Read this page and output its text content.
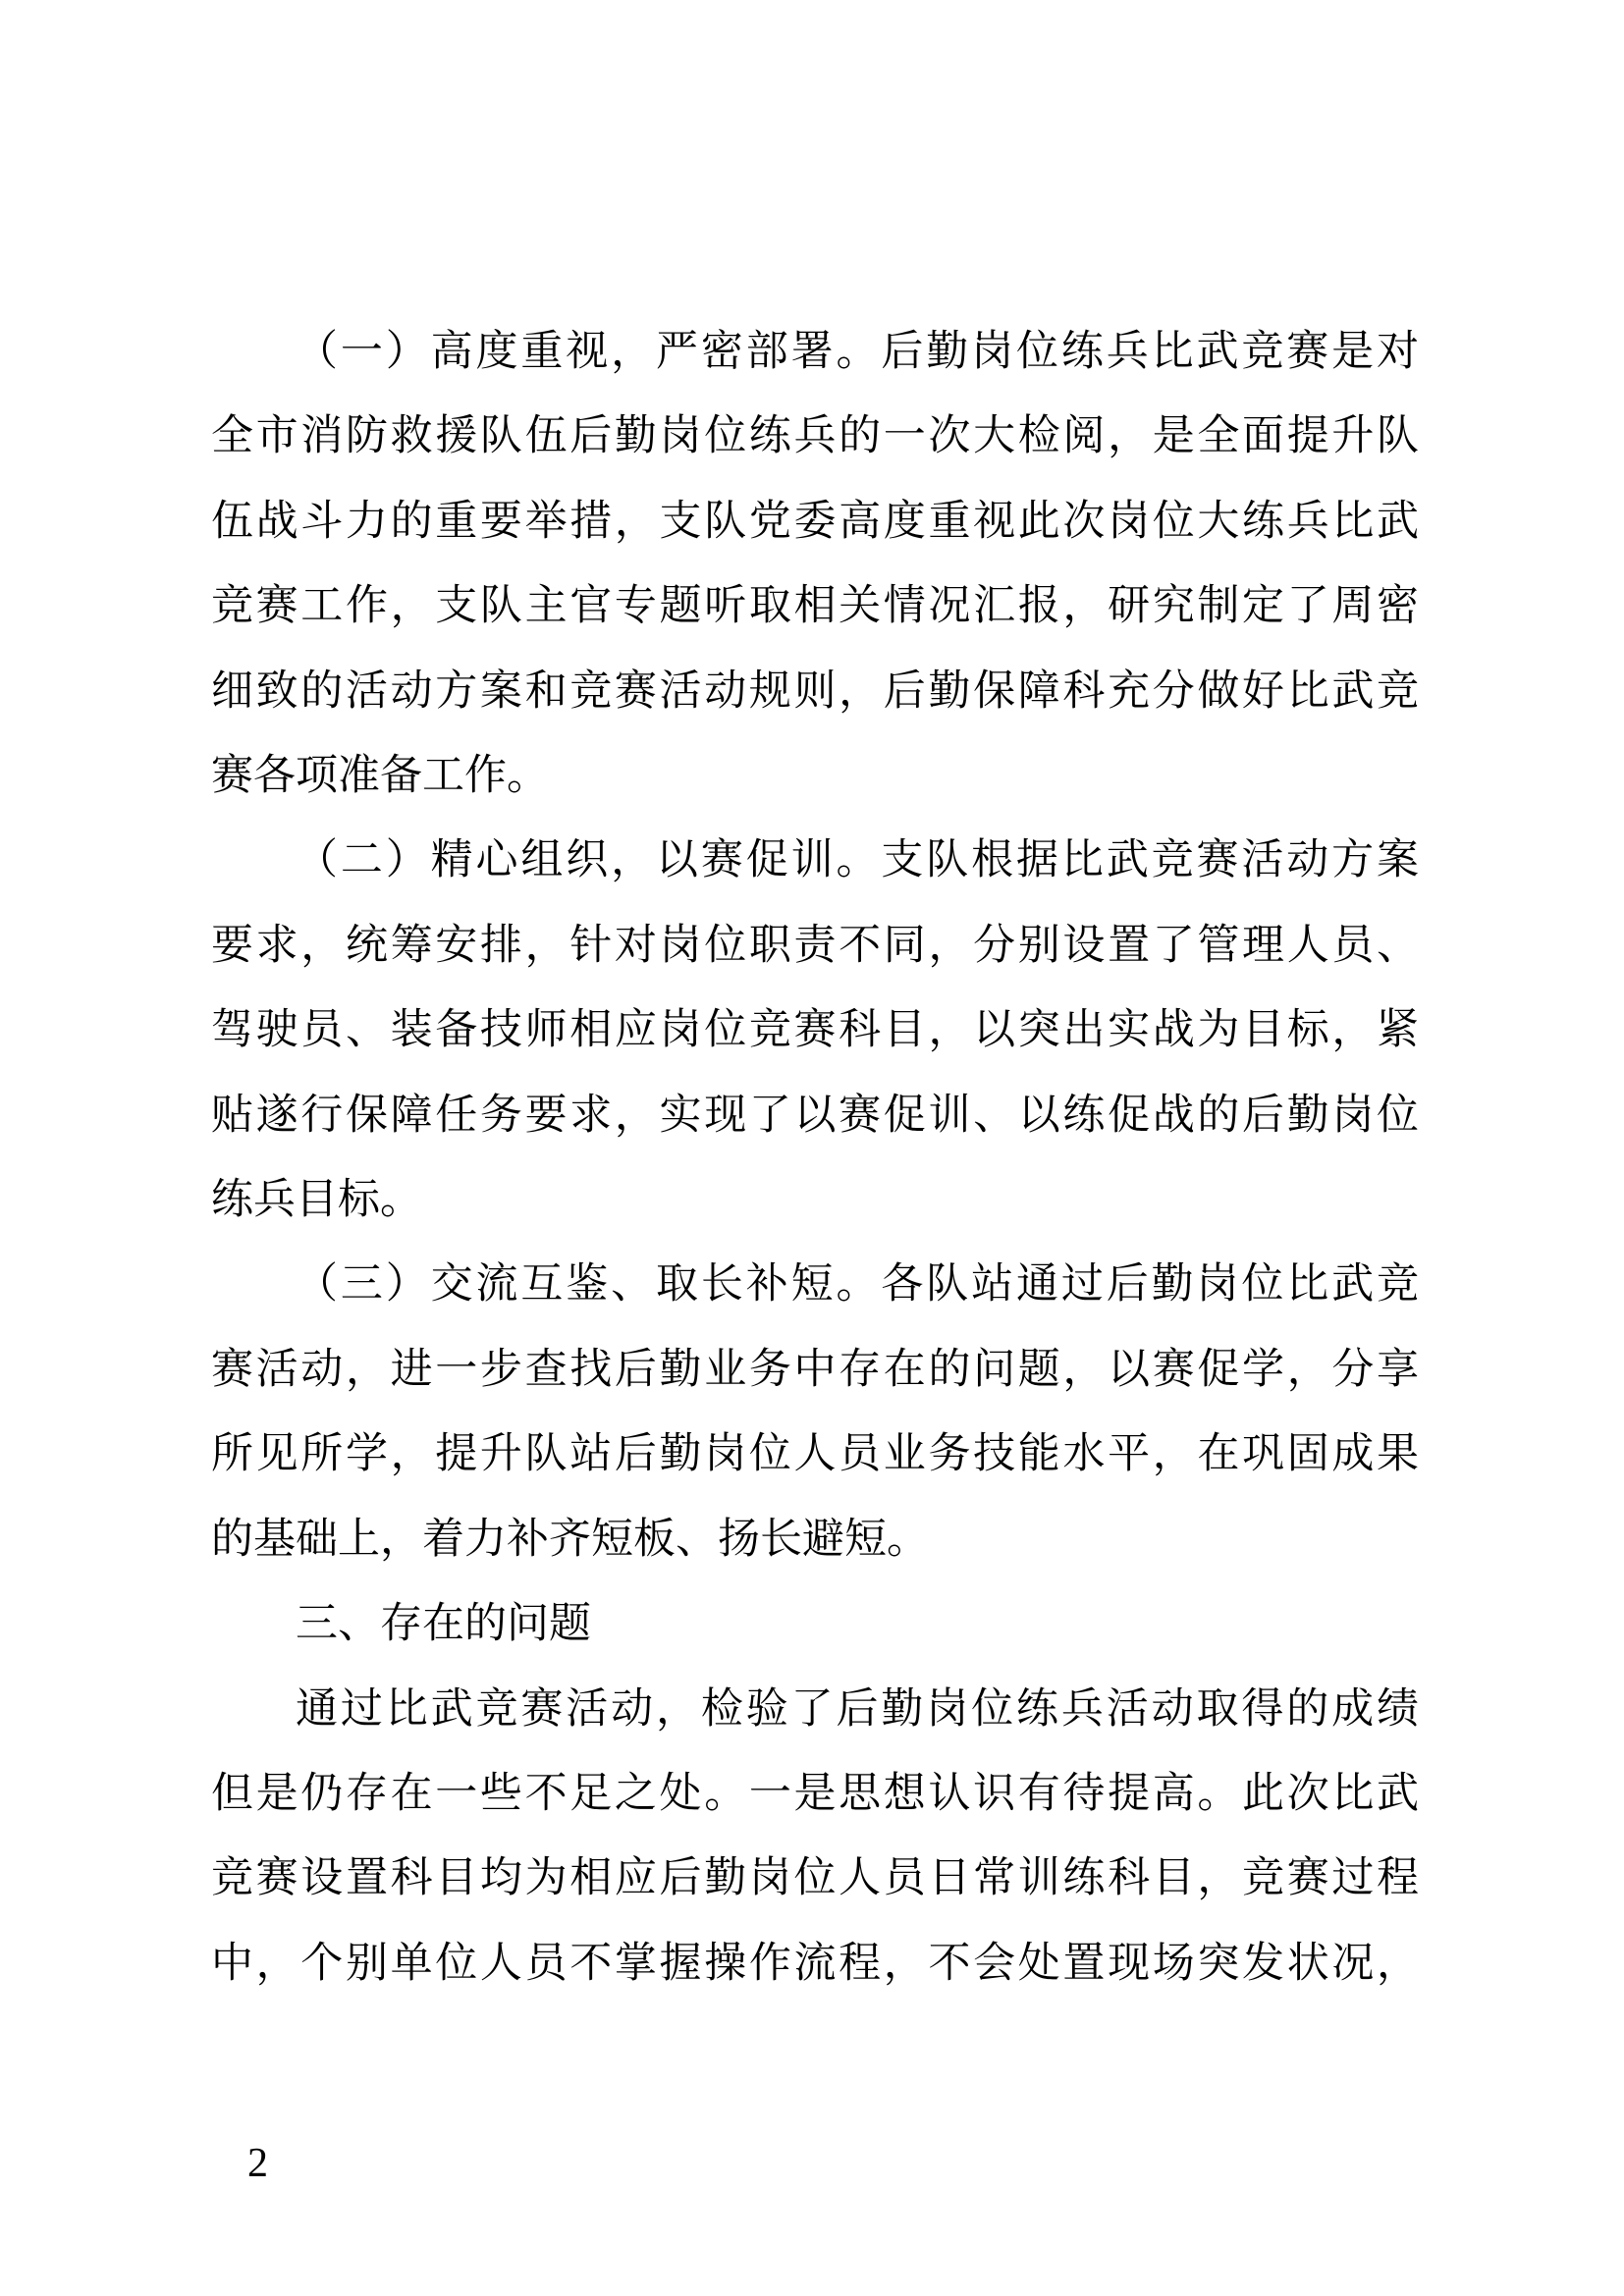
（一）高度重视，严密部署。后勤岗位练兵比武竞赛是对
全市消防救援队伍后勤岗位练兵的一次大检阅，是全面提升队
伍战斗力的重要举措，支队党委高度重视此次岗位大练兵比武
竞赛工作，支队主官专题听取相关情况汇报，研究制定了周密
细致的活动方案和竞赛活动规则，后勤保障科充分做好比武竞
赛各项准备工作。
（二）精心组织，以赛促训。支队根据比武竞赛活动方案
要求，统筹安排，针对岗位职责不同，分别设置了管理人员、
驾驶员、装备技师相应岗位竞赛科目，以突出实战为目标，紧
贴遂行保障任务要求，实现了以赛促训、以练促战的后勤岗位
练兵目标。
（三）交流互鉴、取长补短。各队站通过后勤岗位比武竞
赛活动，进一步查找后勤业务中存在的问题，以赛促学，分享
所见所学，提升队站后勤岗位人员业务技能水平，在巩固成果
的基础上，着力补齐短板、扬长避短。
三、存在的问题
通过比武竞赛活动，检验了后勤岗位练兵活动取得的成绩
但是仍存在一些不足之处。一是思想认识有待提高。此次比武
竞赛设置科目均为相应后勤岗位人员日常训练科目，竞赛过程
中，个别单位人员不掌握操作流程，不会处置现场突发状况，
2
